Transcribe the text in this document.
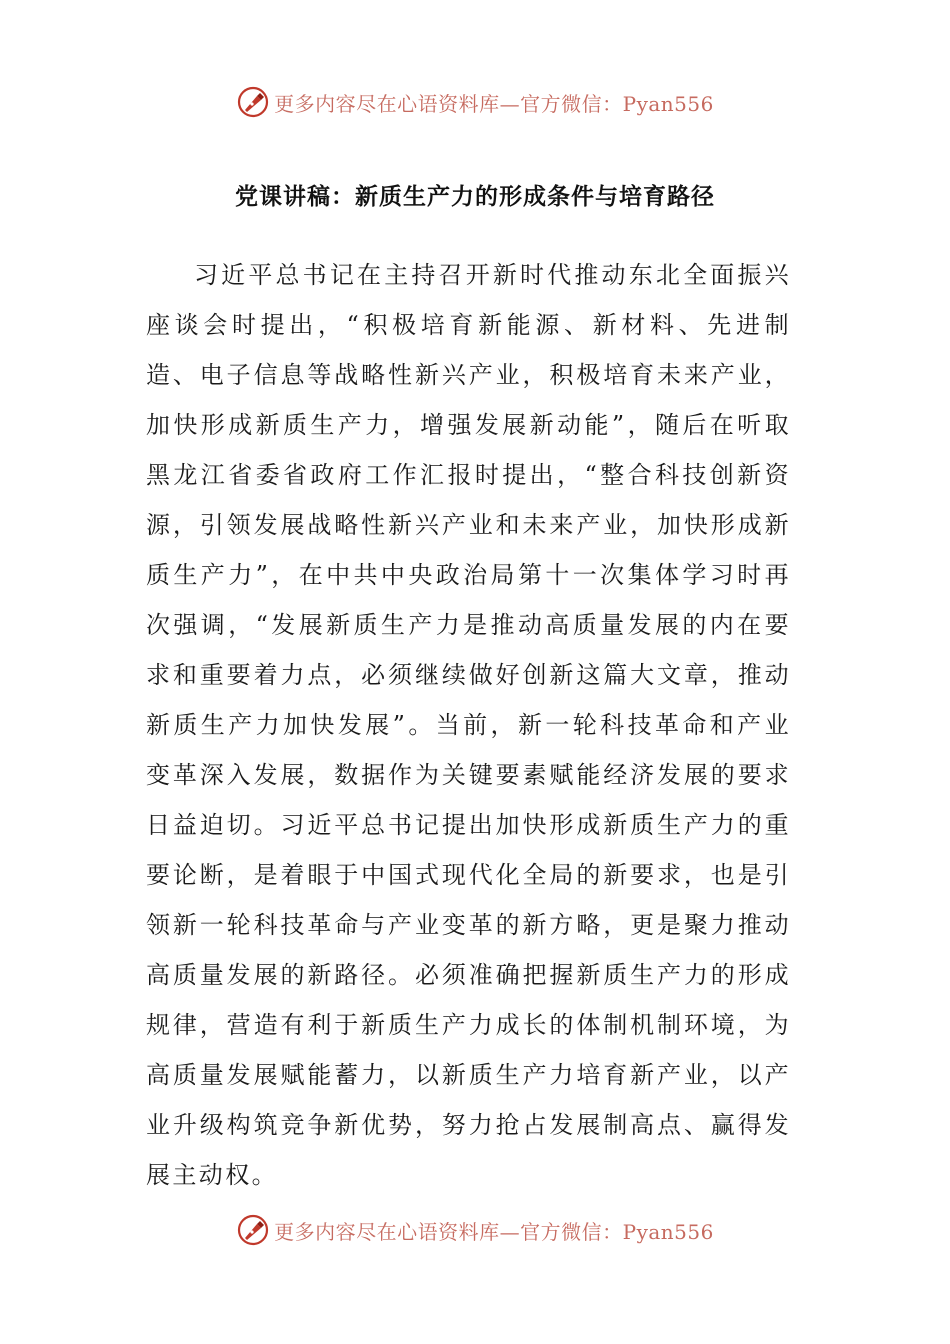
更多内容尽在心语资料库—官方微信：Pyan556
党课讲稿：新质生产力的形成条件与培育路径

习近平总书记在主持召开新时代推动东北全面振兴座谈会时提出，“积极培育新能源、新材料、先进制造、电子信息等战略性新兴产业，积极培育未来产业，加快形成新质生产力，增强发展新动能”，随后在听取黑龙江省委省政府工作汇报时提出，“整合科技创新资源，引领发展战略性新兴产业和未来产业，加快形成新质生产力”，在中共中央政治局第十一次集体学习时再次强调，“发展新质生产力是推动高质量发展的内在要求和重要着力点，必须继续做好创新这篇大文章，推动新质生产力加快发展”。当前，新一轮科技革命和产业变革深入发展，数据作为关键要素赋能经济发展的要求日益迫切。习近平总书记提出加快形成新质生产力的重要论断，是着眼于中国式现代化全局的新要求，也是引领新一轮科技革命与产业变革的新方略，更是聚力推动高质量发展的新路径。必须准确把握新质生产力的形成规律，营造有利于新质生产力成长的体制机制环境，为高质量发展赋能蓄力，以新质生产力培育新产业，以产业升级构筑竞争新优势，努力抢占发展制高点、赢得发展主动权。

更多内容尽在心语资料库—官方微信：Pyan556
